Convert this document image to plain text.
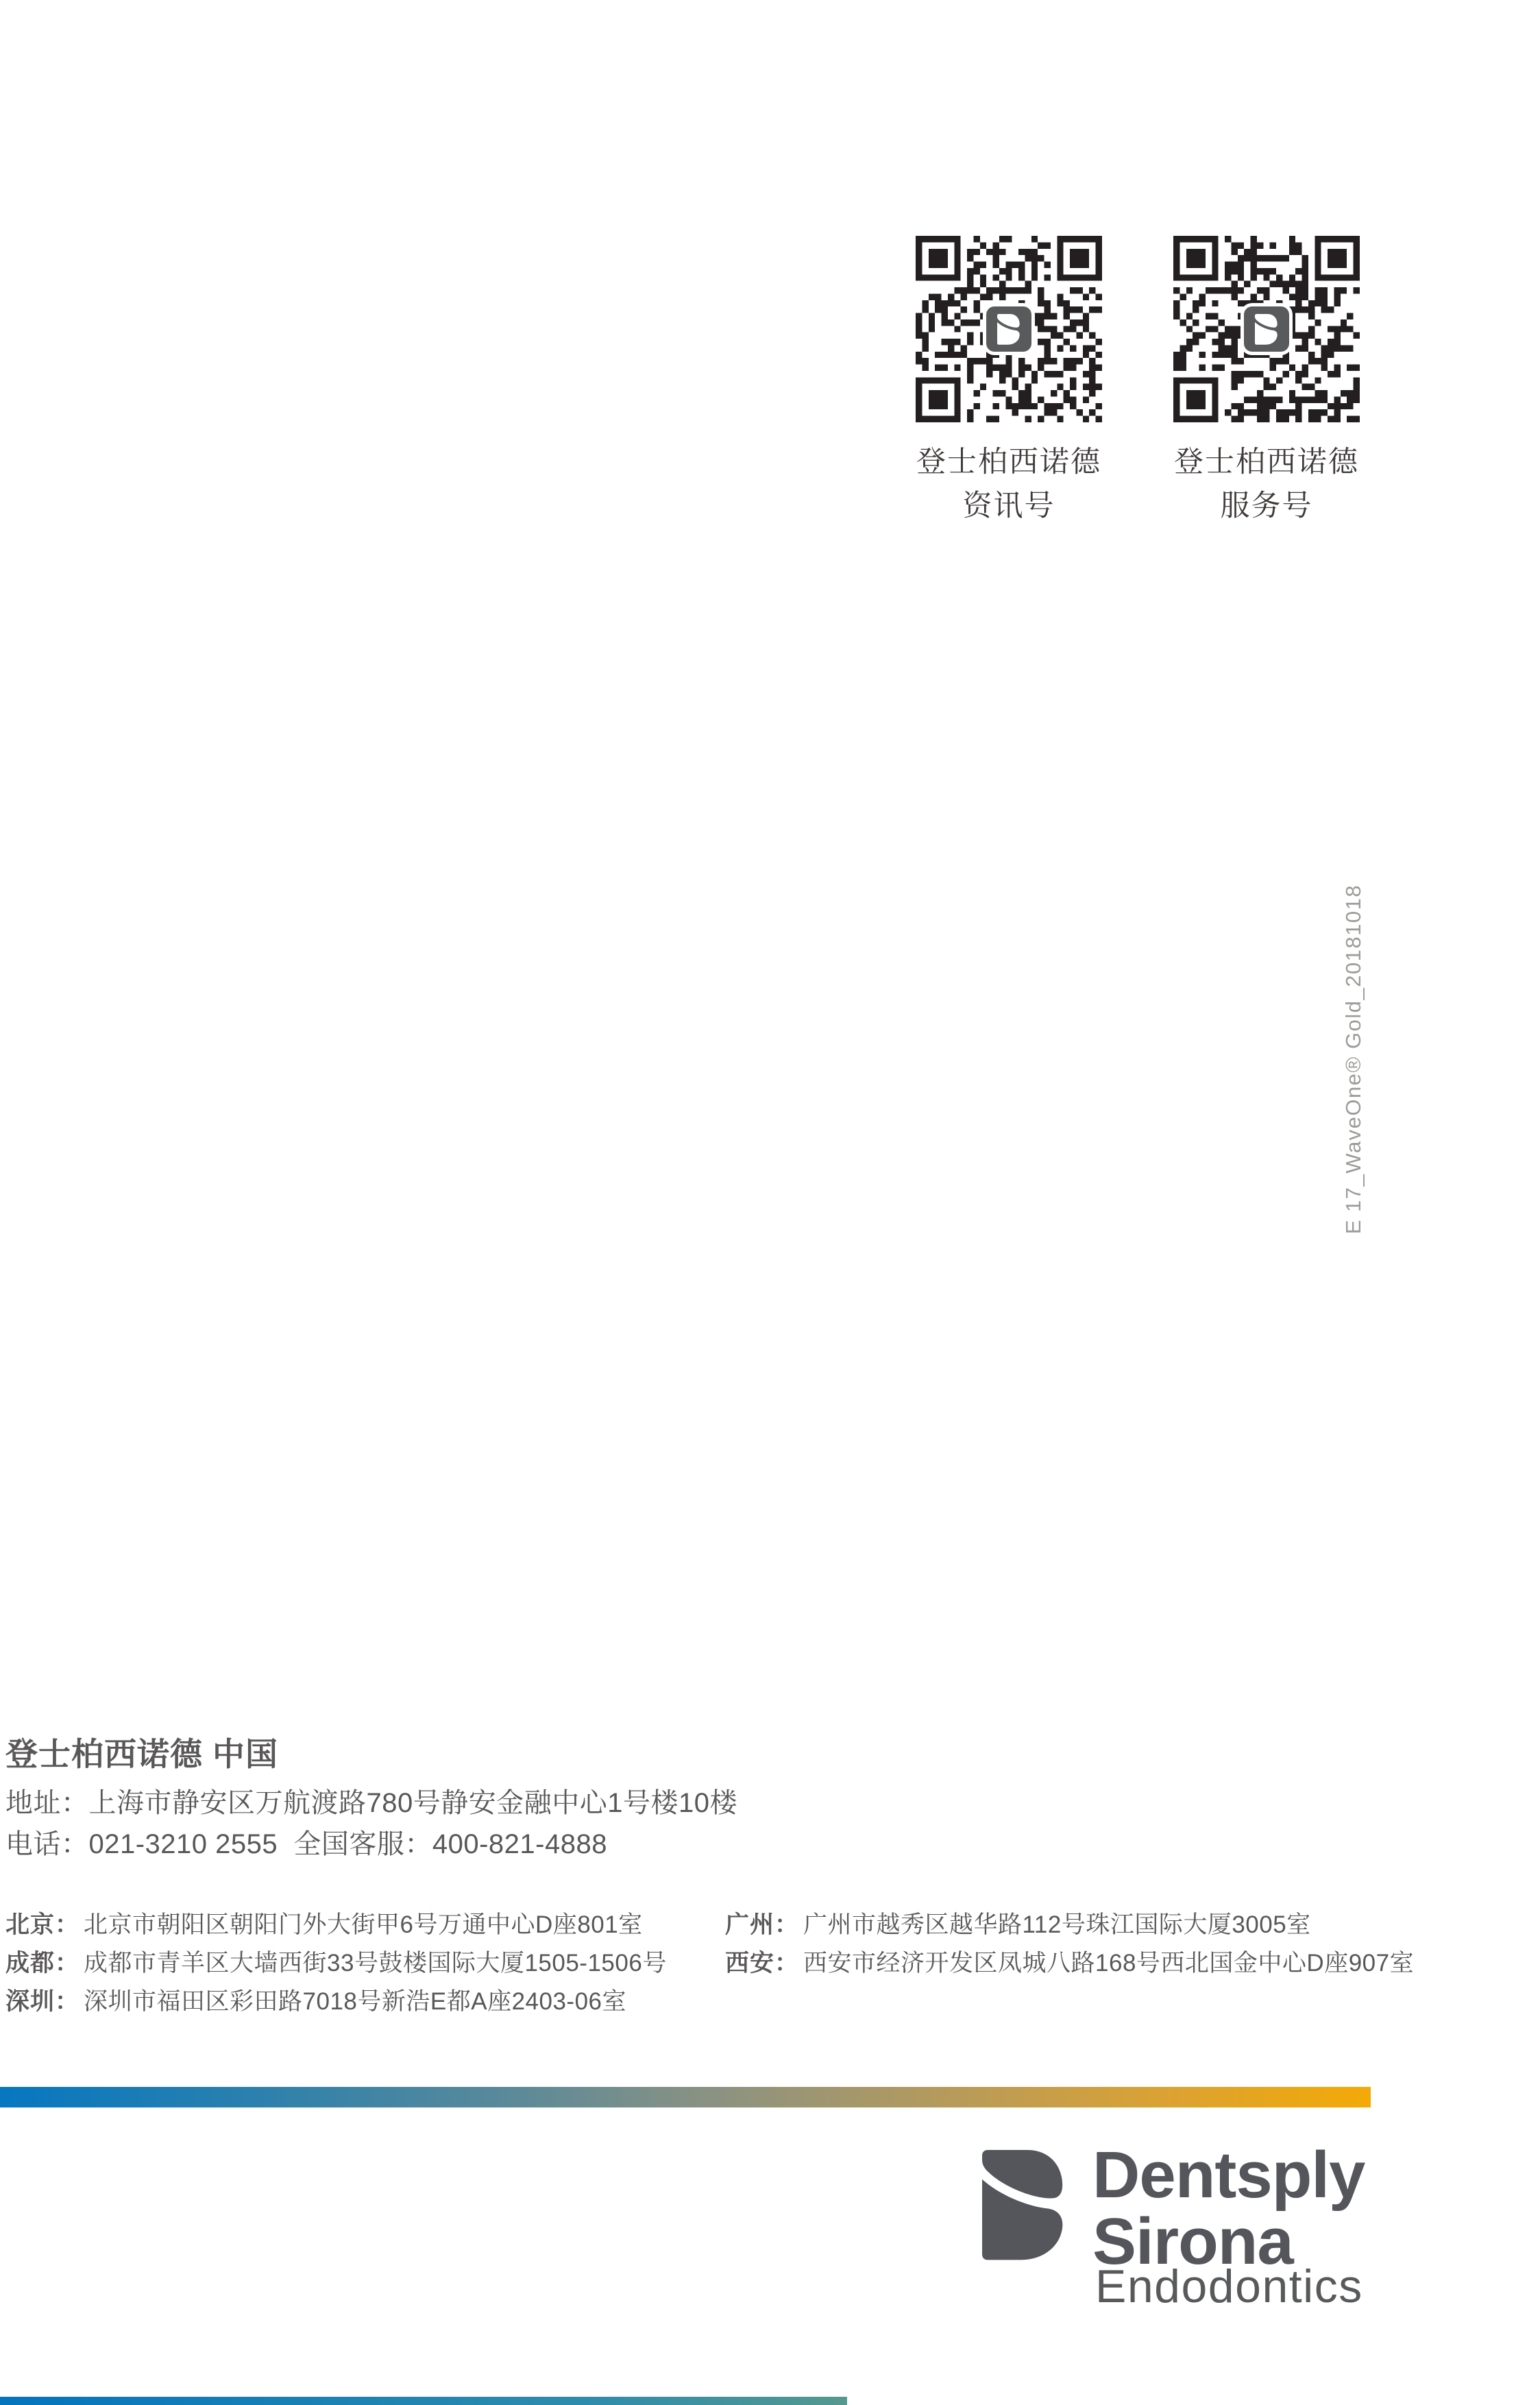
登士柏西诺德
资讯号
登士柏西诺德
服务号
E 17_WaveOne® Gold_20181018

登士柏西诺德 中国

地址：上海市静安区万航渡路780号静安金融中心1号楼10楼

电话：021-3210 2555  全国客服：400-821-4888

北京： 北京市朝阳区朝阳门外大街甲6号万通中心D座801室

成都： 成都市青羊区大墙西街33号鼓楼国际大厦1505-1506号

深圳： 深圳市福田区彩田路7018号新浩E都A座2403-06室

广州： 广州市越秀区越华路112号珠江国际大厦3005室

西安： 西安市经济开发区凤城八路168号西北国金中心D座907室

Dentsply
Sirona
Endodontics
